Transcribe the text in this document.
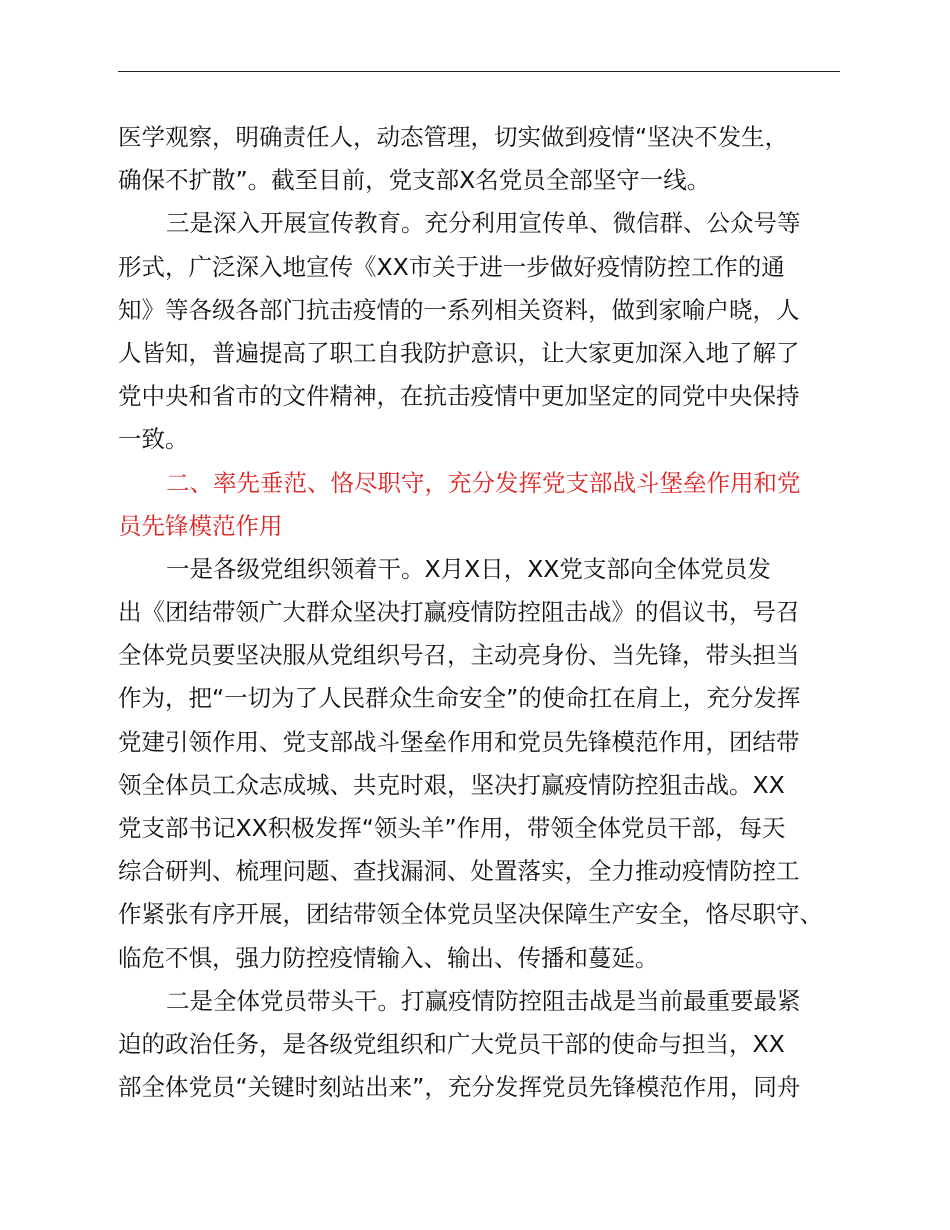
医学观察，明确责任人，动态管理，切实做到疫情“坚决不发生，
确保不扩散”。截至目前，党支部X名党员全部坚守一线。
三是深入开展宣传教育。充分利用宣传单、微信群、公众号等
形式，广泛深入地宣传《XX市关于进一步做好疫情防控工作的通
知》等各级各部门抗击疫情的一系列相关资料，做到家喻户晓，人
人皆知，普遍提高了职工自我防护意识，让大家更加深入地了解了
党中央和省市的文件精神，在抗击疫情中更加坚定的同党中央保持
一致。
二、率先垂范、恪尽职守，充分发挥党支部战斗堡垒作用和党
员先锋模范作用
一是各级党组织领着干。X月X日，XX党支部向全体党员发
出《团结带领广大群众坚决打赢疫情防控阻击战》的倡议书，号召
全体党员要坚决服从党组织号召，主动亮身份、当先锋，带头担当
作为，把“一切为了人民群众生命安全”的使命扛在肩上，充分发挥
党建引领作用、党支部战斗堡垒作用和党员先锋模范作用，团结带
领全体员工众志成城、共克时艰，坚决打赢疫情防控狙击战。XX
党支部书记XX积极发挥“领头羊”作用，带领全体党员干部，每天
综合研判、梳理问题、查找漏洞、处置落实，全力推动疫情防控工
作紧张有序开展，团结带领全体党员坚决保障生产安全，恪尽职守、
临危不惧，强力防控疫情输入、输出、传播和蔓延。
二是全体党员带头干。打赢疫情防控阻击战是当前最重要最紧
迫的政治任务，是各级党组织和广大党员干部的使命与担当，XX
部全体党员“关键时刻站出来”，充分发挥党员先锋模范作用，同舟
